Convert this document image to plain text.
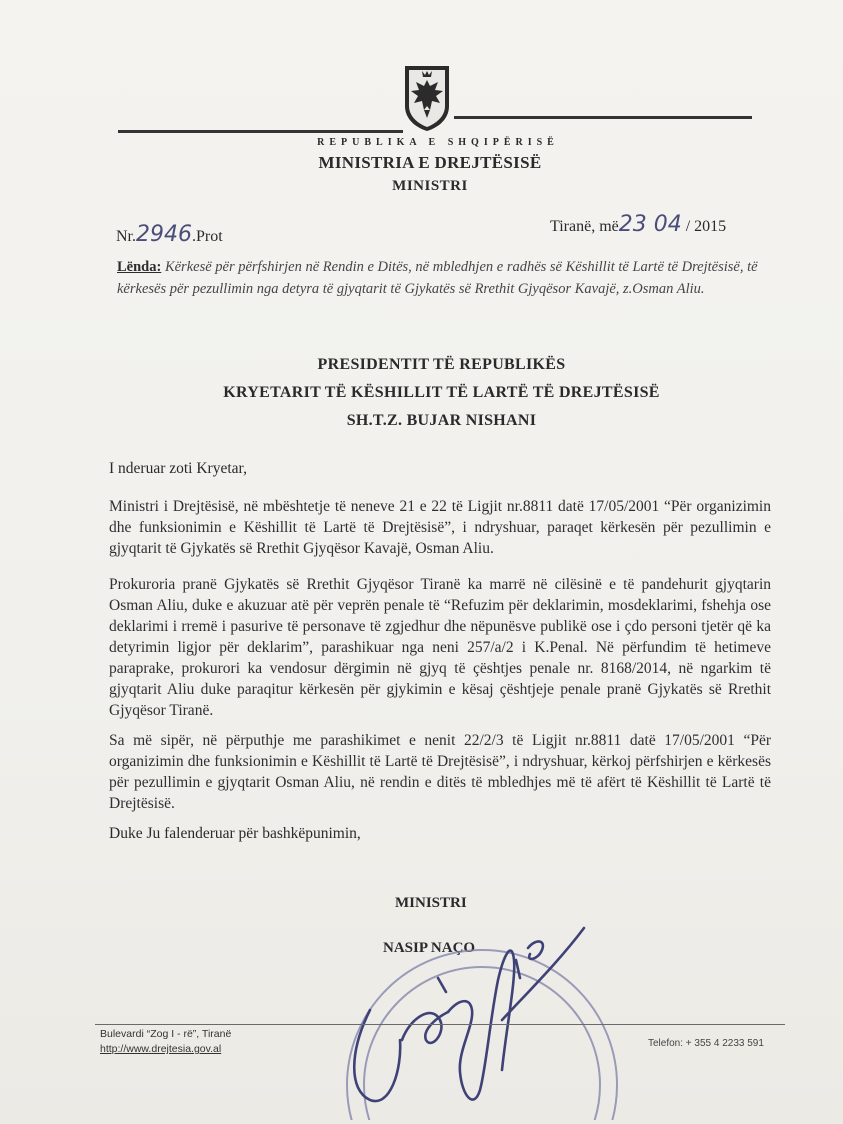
REPUBLIKA E SHQIPËRISË
MINISTRIA E DREJTËSISË
MINISTRI
Nr.2946.Prot
Tiranë, më23 04 / 2015
Lënda: Kërkesë për përfshirjen në Rendin e Ditës, në mbledhjen e radhës së Këshillit të Lartë të Drejtësisë, të kërkesës për pezullimin nga detyra të gjyqtarit të Gjykatës së Rrethit Gjyqësor Kavajë, z.Osman Aliu.
PRESIDENTIT TË REPUBLIKËS
KRYETARIT TË KËSHILLIT TË LARTË TË DREJTËSISË
SH.T.Z. BUJAR NISHANI
I nderuar zoti Kryetar,
Ministri i Drejtësisë, në mbështetje të neneve 21 e 22 të Ligjit nr.8811 datë 17/05/2001 “Për organizimin dhe funksionimin e Këshillit të Lartë të Drejtësisë”, i ndryshuar, paraqet kërkesën për pezullimin e gjyqtarit të Gjykatës së Rrethit Gjyqësor Kavajë, Osman Aliu.
Prokuroria pranë Gjykatës së Rrethit Gjyqësor Tiranë ka marrë në cilësinë e të pandehurit gjyqtarin Osman Aliu, duke e akuzuar atë për veprën penale të “Refuzim për deklarimin, mosdeklarimi, fshehja ose deklarimi i rremë i pasurive të personave të zgjedhur dhe nëpunësve publikë ose i çdo personi tjetër që ka detyrimin ligjor për deklarim”, parashikuar nga neni 257/a/2 i K.Penal. Në përfundim të hetimeve paraprake, prokurori ka vendosur dërgimin në gjyq të çështjes penale nr. 8168/2014, në ngarkim të gjyqtarit Aliu duke paraqitur kërkesën për gjykimin e kësaj çështjeje penale pranë Gjykatës së Rrethit Gjyqësor Tiranë.
Sa më sipër, në përputhje me parashikimet e nenit 22/2/3 të Ligjit nr.8811 datë 17/05/2001 “Për organizimin dhe funksionimin e Këshillit të Lartë të Drejtësisë”, i ndryshuar, kërkoj përfshirjen e kërkesës për pezullimin e gjyqtarit Osman Aliu, në rendin e ditës të mbledhjes më të afërt të Këshillit të Lartë të Drejtësisë.
Duke Ju falenderuar për bashkëpunimin,
MINISTRI
NASIP NAÇO
Bulevardi “Zog I - rë”, Tiranë
http://www.drejtesia.gov.al	Telefon: + 355 4 2233 591
